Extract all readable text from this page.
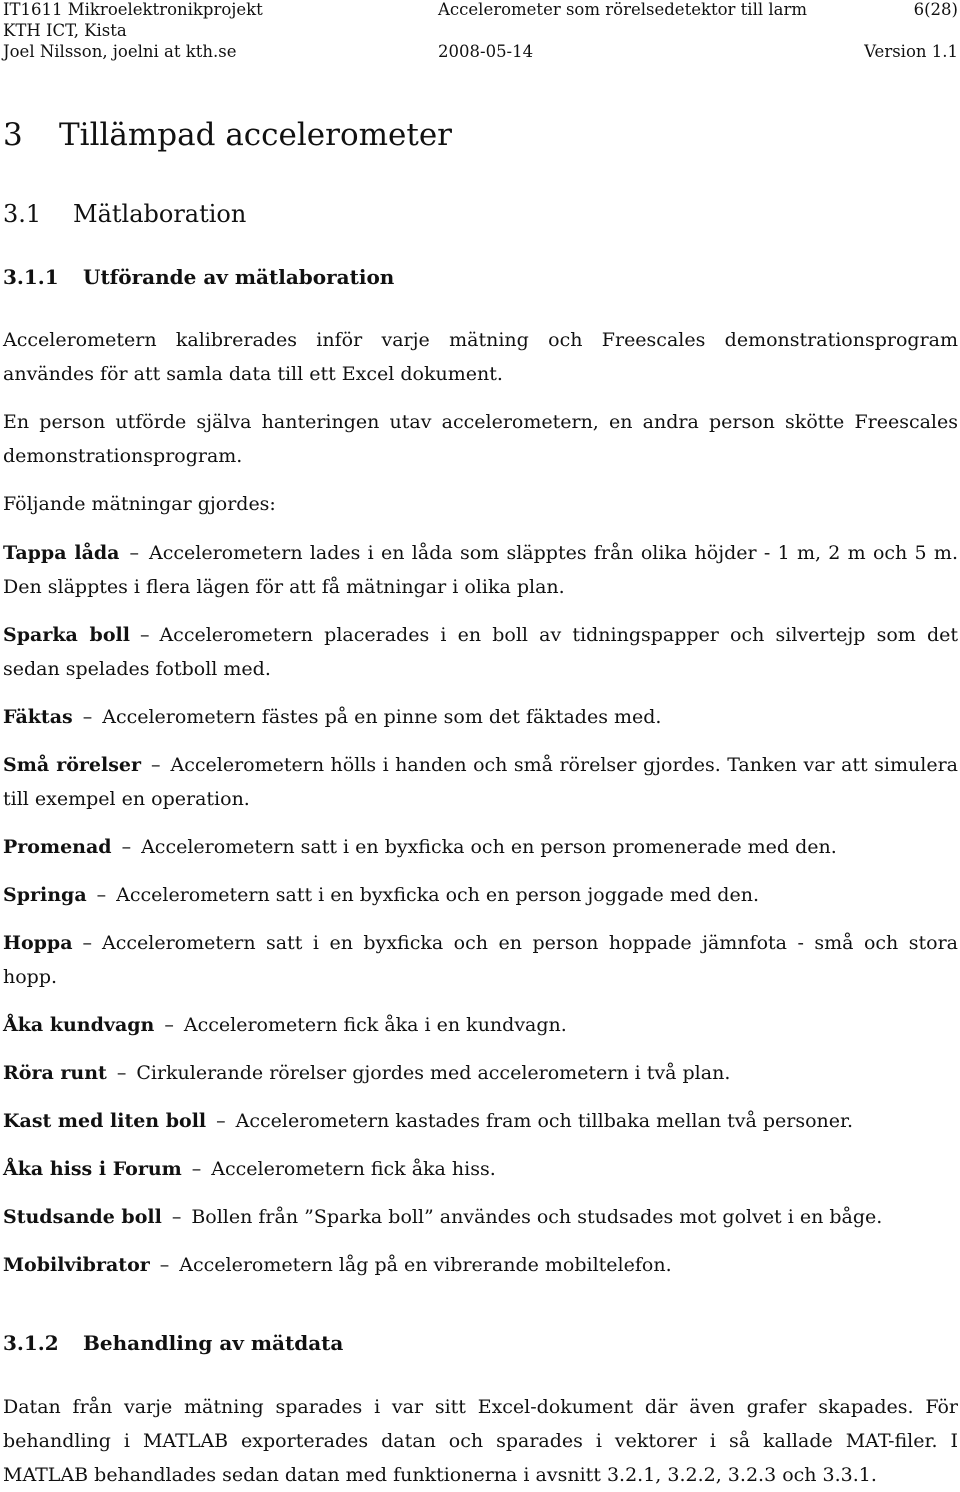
IT1611 Mikroelektronikprojekt	Accelerometer som rörelsedetektor till larm	6(28)
KTH ICT, Kista
Joel Nilsson, joelni at kth.se	2008-05-14	Version 1.1
3 Tillämpad accelerometer
3.1 Mätlaboration
3.1.1 Utförande av mätlaboration

Accelerometern kalibrerades inför varje mätning och Freescales demonstrationsprogram användes för att samla data till ett Excel dokument.

En person utförde själva hanteringen utav accelerometern, en andra person skötte Freescales demonstrationsprogram.

Följande mätningar gjordes:

Tappa låda – Accelerometern lades i en låda som släpptes från olika höjder - 1 m, 2 m och 5 m. Den släpptes i flera lägen för att få mätningar i olika plan.

Sparka boll – Accelerometern placerades i en boll av tidningspapper och silvertejp som det sedan spelades fotboll med.

Fäktas – Accelerometern fästes på en pinne som det fäktades med.

Små rörelser – Accelerometern hölls i handen och små rörelser gjordes. Tanken var att simulera till exempel en operation.

Promenad – Accelerometern satt i en byxficka och en person promenerade med den.

Springa – Accelerometern satt i en byxficka och en person joggade med den.

Hoppa – Accelerometern satt i en byxficka och en person hoppade jämnfota - små och stora hopp.

Åka kundvagn – Accelerometern fick åka i en kundvagn.

Röra runt – Cirkulerande rörelser gjordes med accelerometern i två plan.

Kast med liten boll – Accelerometern kastades fram och tillbaka mellan två personer.

Åka hiss i Forum – Accelerometern fick åka hiss.

Studsande boll – Bollen från ”Sparka boll” användes och studsades mot golvet i en båge.

Mobilvibrator – Accelerometern låg på en vibrerande mobiltelefon.

3.1.2 Behandling av mätdata

Datan från varje mätning sparades i var sitt Excel-dokument där även grafer skapades. För behandling i MATLAB exporterades datan och sparades i vektorer i så kallade MAT-filer. I MATLAB behandlades sedan datan med funktionerna i avsnitt 3.2.1, 3.2.2, 3.2.3 och 3.3.1.
